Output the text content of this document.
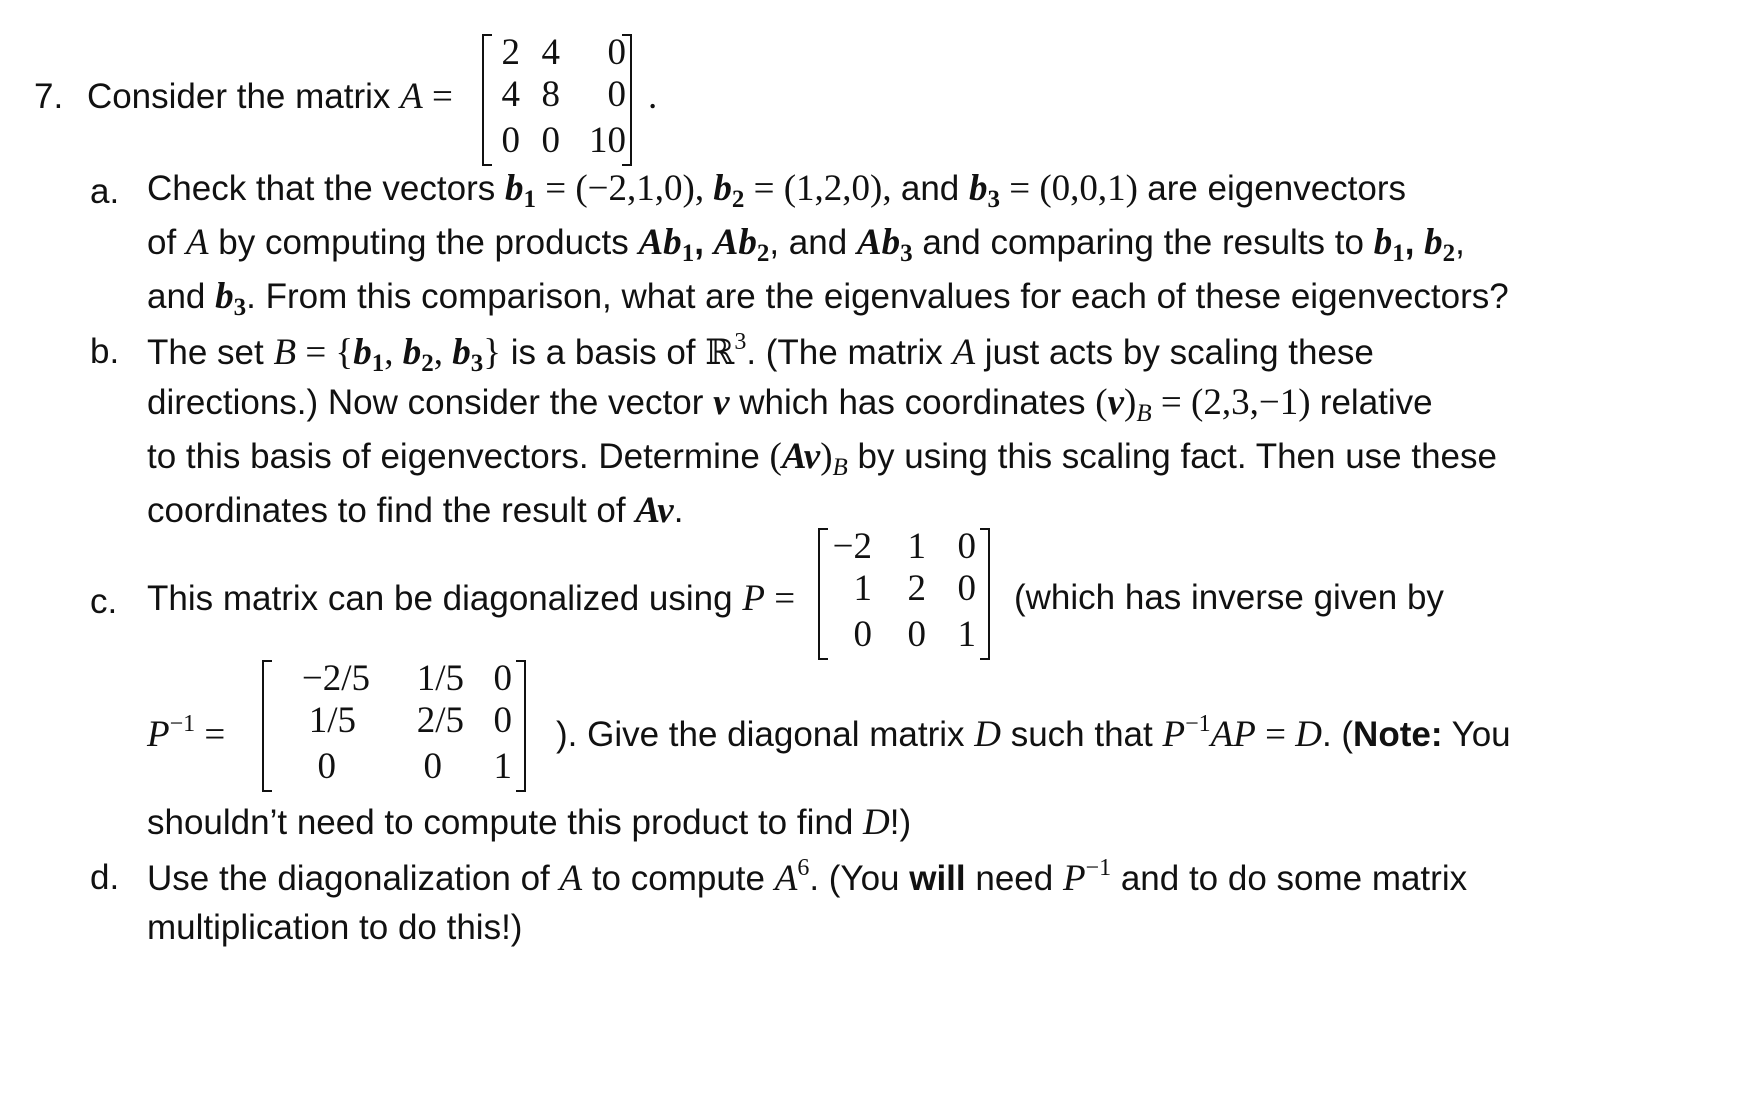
7. Consider the matrix A =
2 4	0
4 8	0
0 0 10
.
a. Check that the vectors $b_1 = (-2,1,0)$, $b_2 = (1,2,0)$, and $b_3 = (0,0,1)$ are eigenvectors
of A by computing the products $Ab_1$, $Ab_2$, and $Ab_3$ and comparing the results to $b_1$, $b_2$,
and $b_3$. From this comparison, what are the eigenvalues for each of these eigenvectors?
b. The set $B = \{b_1$, $b_2$, $b_3$} is a basis of ℝ$^3$. (The matrix A just acts by scaling these
directions.) Now consider the vector v which has coordinates $(v)_B = (2,3,-1)$ relative
to this basis of eigenvectors. Determine $(Av)_B$ by using this scaling fact. Then use these
coordinates to find the result of Av.
c. This matrix can be diagonalized using P =
−2 1 0
1 2 0
0 0 1
(which has inverse given by
$P^{-1}$ =
−2/5	1/5 0
1/5	2/5 0
0	0 1
). Give the diagonal matrix D such that $P^{-1}AP = D$. (Note: You
shouldn’t need to compute this product to find D!)
d. Use the diagonalization of A to compute $A^6$. (You will need $P^{-1}$ and to do some matrix
multiplication to do this!)
